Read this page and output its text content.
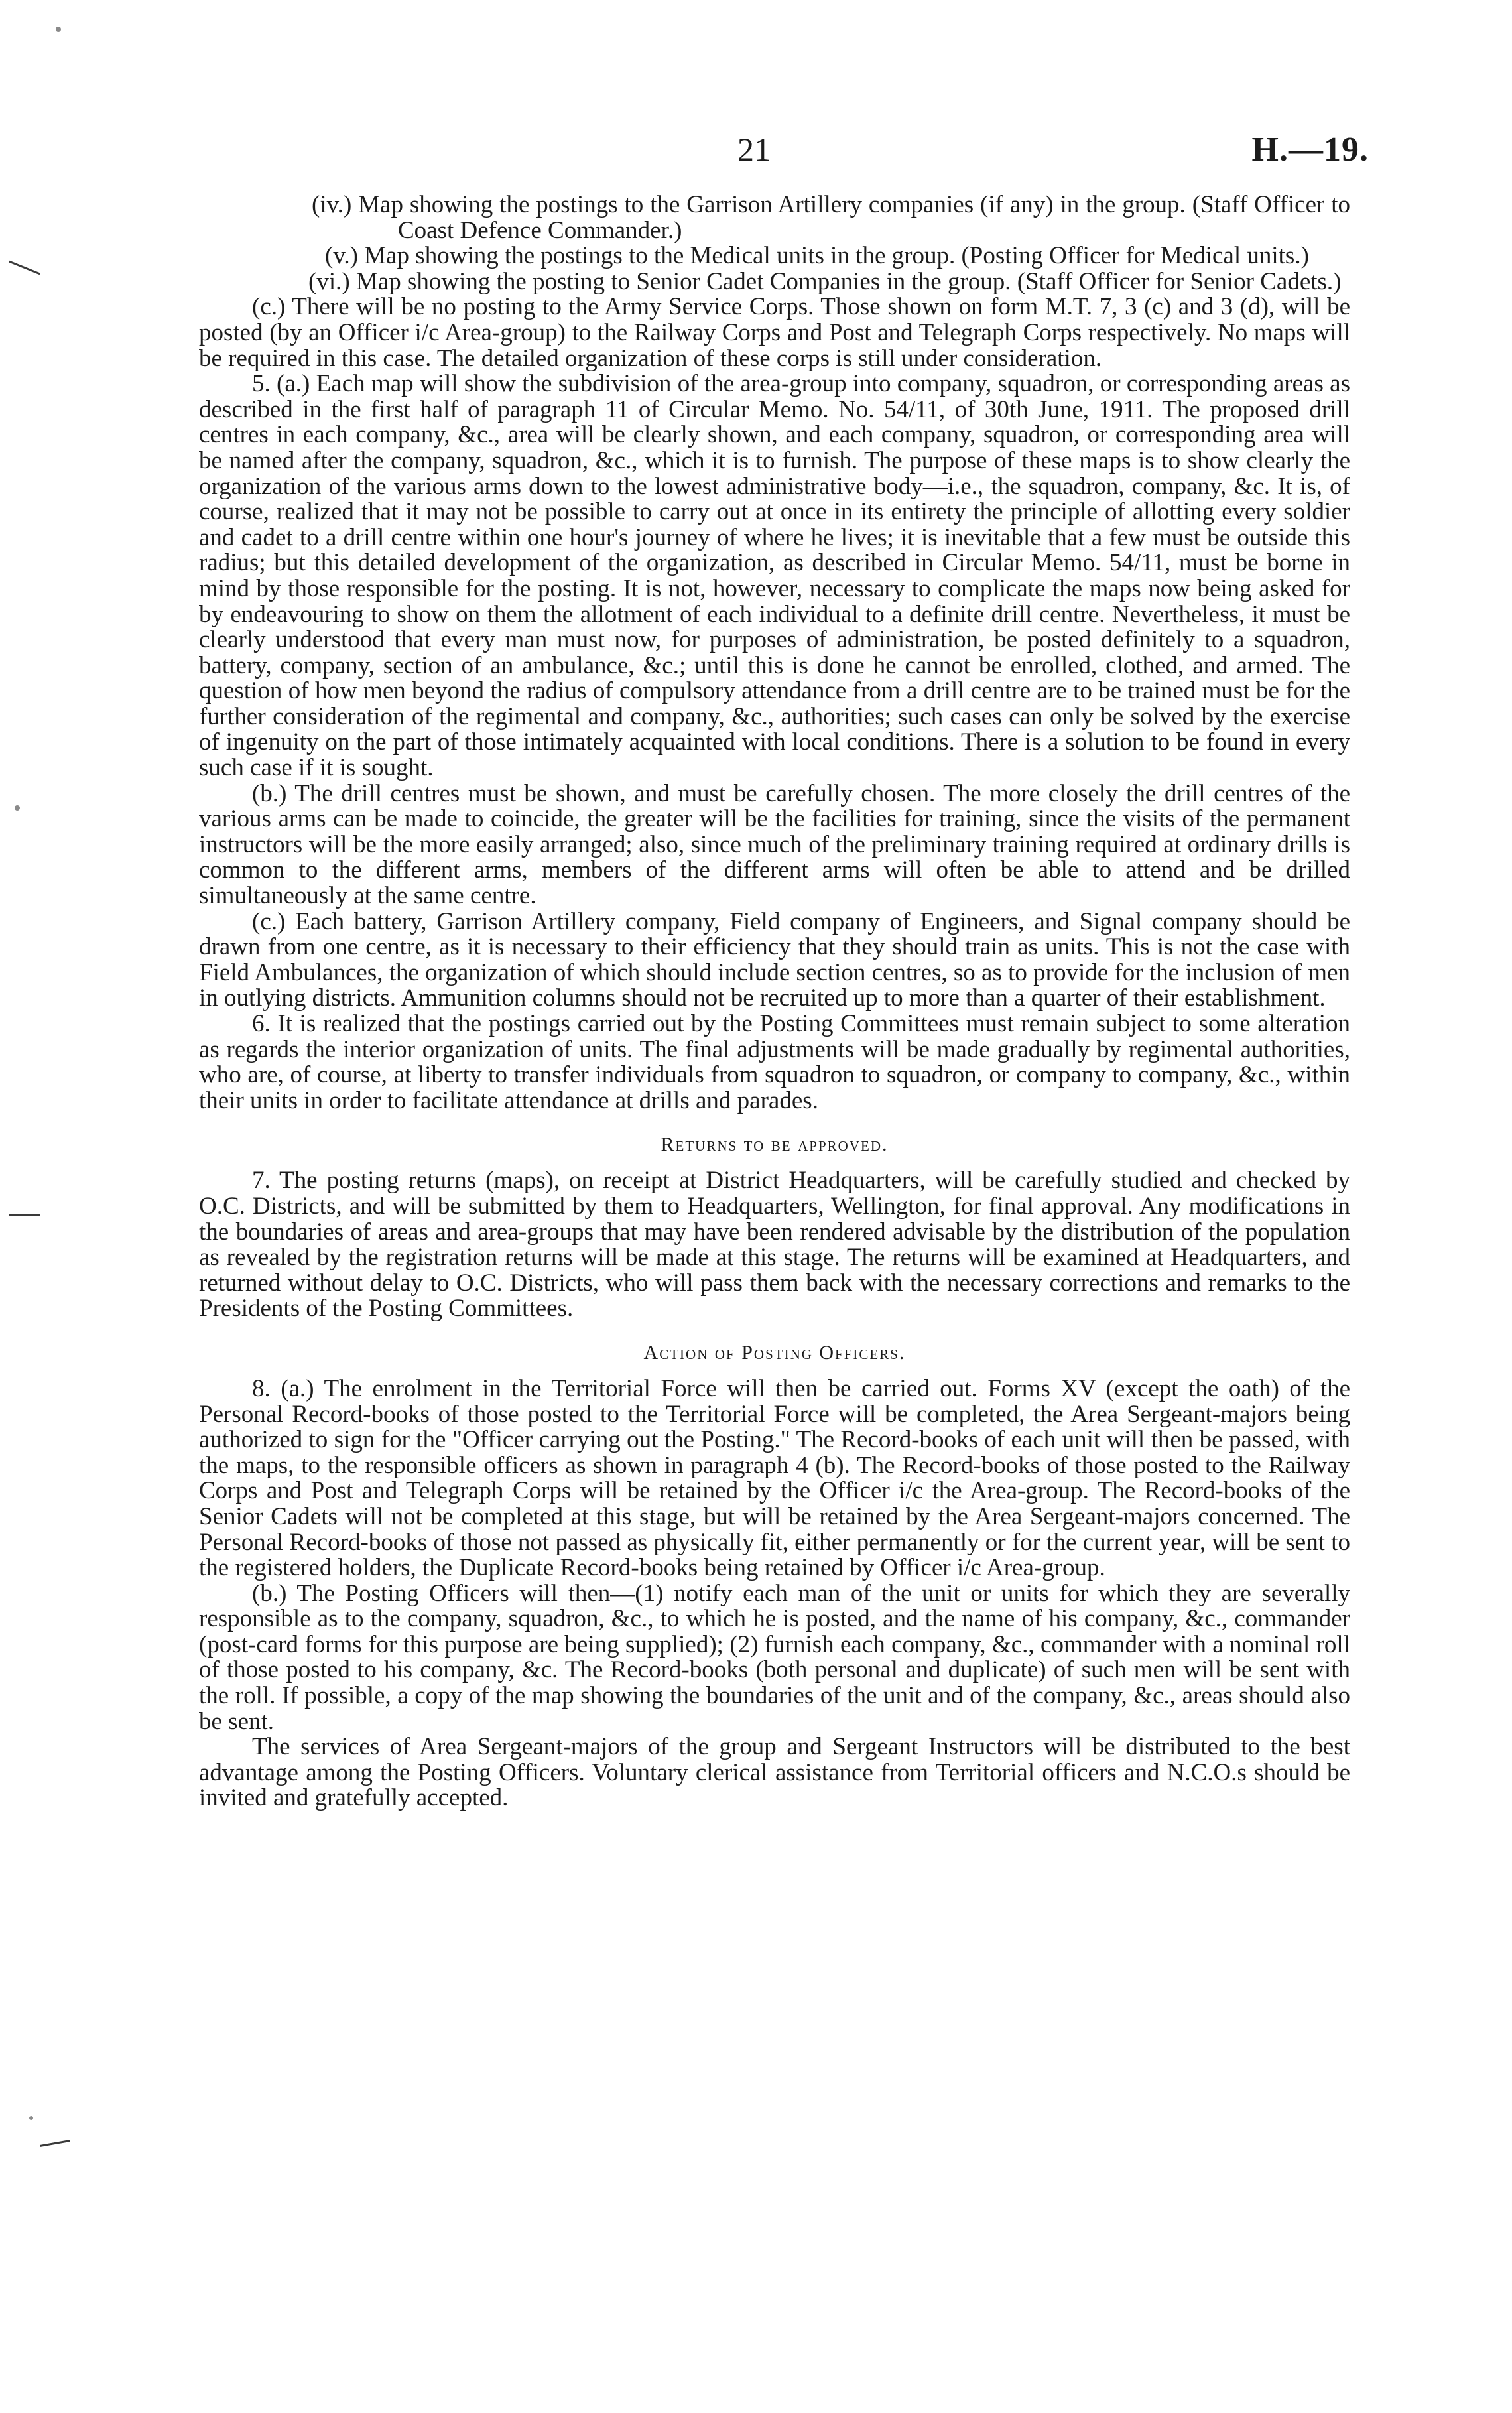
21	H.—19.

(iv.) Map showing the postings to the Garrison Artillery companies (if any) in the group. (Staff Officer to Coast Defence Commander.)

(v.) Map showing the postings to the Medical units in the group. (Posting Officer for Medical units.)

(vi.) Map showing the posting to Senior Cadet Companies in the group. (Staff Officer for Senior Cadets.)

(c.) There will be no posting to the Army Service Corps. Those shown on form M.T. 7, 3 (c) and 3 (d), will be posted (by an Officer i/c Area-group) to the Railway Corps and Post and Telegraph Corps respectively. No maps will be required in this case. The detailed organization of these corps is still under consideration.

5. (a.) Each map will show the subdivision of the area-group into company, squadron, or corresponding areas as described in the first half of paragraph 11 of Circular Memo. No. 54/11, of 30th June, 1911. The proposed drill centres in each company, &c., area will be clearly shown, and each company, squadron, or corresponding area will be named after the company, squadron, &c., which it is to furnish. The purpose of these maps is to show clearly the organization of the various arms down to the lowest administrative body—i.e., the squadron, company, &c. It is, of course, realized that it may not be possible to carry out at once in its entirety the principle of allotting every soldier and cadet to a drill centre within one hour's journey of where he lives; it is inevitable that a few must be outside this radius; but this detailed development of the organization, as described in Circular Memo. 54/11, must be borne in mind by those responsible for the posting. It is not, however, necessary to complicate the maps now being asked for by endeavouring to show on them the allotment of each individual to a definite drill centre. Nevertheless, it must be clearly understood that every man must now, for purposes of administration, be posted definitely to a squadron, battery, company, section of an ambulance, &c.; until this is done he cannot be enrolled, clothed, and armed. The question of how men beyond the radius of compulsory attendance from a drill centre are to be trained must be for the further consideration of the regimental and company, &c., authorities; such cases can only be solved by the exercise of ingenuity on the part of those intimately acquainted with local conditions. There is a solution to be found in every such case if it is sought.

(b.) The drill centres must be shown, and must be carefully chosen. The more closely the drill centres of the various arms can be made to coincide, the greater will be the facilities for training, since the visits of the permanent instructors will be the more easily arranged; also, since much of the preliminary training required at ordinary drills is common to the different arms, members of the different arms will often be able to attend and be drilled simultaneously at the same centre.

(c.) Each battery, Garrison Artillery company, Field company of Engineers, and Signal company should be drawn from one centre, as it is necessary to their efficiency that they should train as units. This is not the case with Field Ambulances, the organization of which should include section centres, so as to provide for the inclusion of men in outlying districts. Ammunition columns should not be recruited up to more than a quarter of their establishment.

6. It is realized that the postings carried out by the Posting Committees must remain subject to some alteration as regards the interior organization of units. The final adjustments will be made gradually by regimental authorities, who are, of course, at liberty to transfer individuals from squadron to squadron, or company to company, &c., within their units in order to facilitate attendance at drills and parades.

Returns to be approved.

7. The posting returns (maps), on receipt at District Headquarters, will be carefully studied and checked by O.C. Districts, and will be submitted by them to Headquarters, Wellington, for final approval. Any modifications in the boundaries of areas and area-groups that may have been rendered advisable by the distribution of the population as revealed by the registration returns will be made at this stage. The returns will be examined at Headquarters, and returned without delay to O.C. Districts, who will pass them back with the necessary corrections and remarks to the Presidents of the Posting Committees.

Action of Posting Officers.

8. (a.) The enrolment in the Territorial Force will then be carried out. Forms XV (except the oath) of the Personal Record-books of those posted to the Territorial Force will be completed, the Area Sergeant-majors being authorized to sign for the "Officer carrying out the Posting." The Record-books of each unit will then be passed, with the maps, to the responsible officers as shown in paragraph 4 (b). The Record-books of those posted to the Railway Corps and Post and Telegraph Corps will be retained by the Officer i/c the Area-group. The Record-books of the Senior Cadets will not be completed at this stage, but will be retained by the Area Sergeant-majors concerned. The Personal Record-books of those not passed as physically fit, either permanently or for the current year, will be sent to the registered holders, the Duplicate Record-books being retained by Officer i/c Area-group.

(b.) The Posting Officers will then—(1) notify each man of the unit or units for which they are severally responsible as to the company, squadron, &c., to which he is posted, and the name of his company, &c., commander (post-card forms for this purpose are being supplied); (2) furnish each company, &c., commander with a nominal roll of those posted to his company, &c. The Record-books (both personal and duplicate) of such men will be sent with the roll. If possible, a copy of the map showing the boundaries of the unit and of the company, &c., areas should also be sent.

The services of Area Sergeant-majors of the group and Sergeant Instructors will be distributed to the best advantage among the Posting Officers. Voluntary clerical assistance from Territorial officers and N.C.O.s should be invited and gratefully accepted.
